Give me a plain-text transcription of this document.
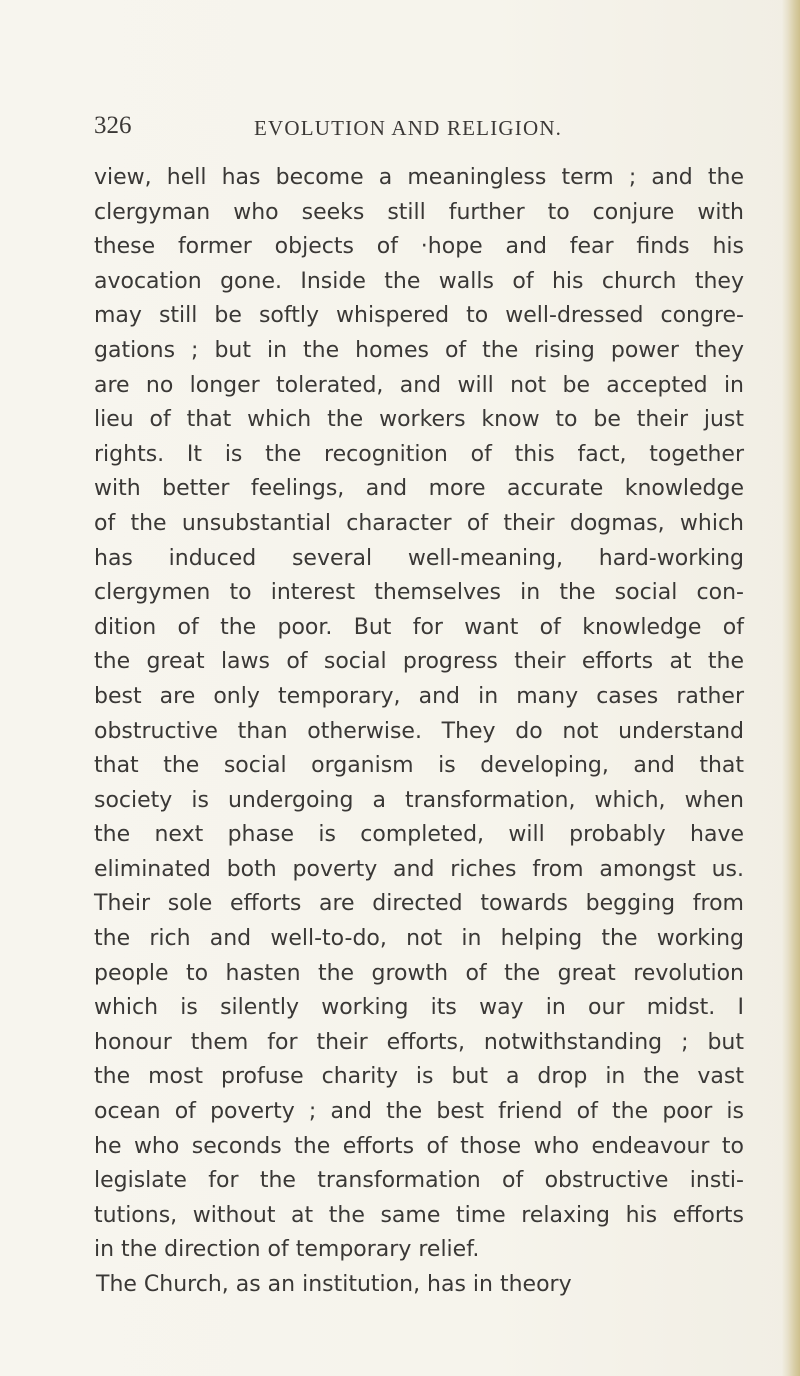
326	EVOLUTION AND RELIGION.
view, hell has become a meaningless term ; and the
clergyman who seeks still further to conjure with
these former objects of ·hope and fear finds his
avocation gone. Inside the walls of his church they
may still be softly whispered to well-dressed congre-
gations ; but in the homes of the rising power they
are no longer tolerated, and will not be accepted in
lieu of that which the workers know to be their just
rights. It is the recognition of this fact, together
with better feelings, and more accurate knowledge
of the unsubstantial character of their dogmas, which
has induced several well-meaning, hard-working
clergymen to interest themselves in the social con-
dition of the poor. But for want of knowledge of
the great laws of social progress their efforts at the
best are only temporary, and in many cases rather
obstructive than otherwise. They do not understand
that the social organism is developing, and that
society is undergoing a transformation, which, when
the next phase is completed, will probably have
eliminated both poverty and riches from amongst us.
Their sole efforts are directed towards begging from
the rich and well-to-do, not in helping the working
people to hasten the growth of the great revolution
which is silently working its way in our midst. I
honour them for their efforts, notwithstanding ; but
the most profuse charity is but a drop in the vast
ocean of poverty ; and the best friend of the poor is
he who seconds the efforts of those who endeavour to
legislate for the transformation of obstructive insti-
tutions, without at the same time relaxing his efforts
in the direction of temporary relief.
The Church, as an institution, has in theory
